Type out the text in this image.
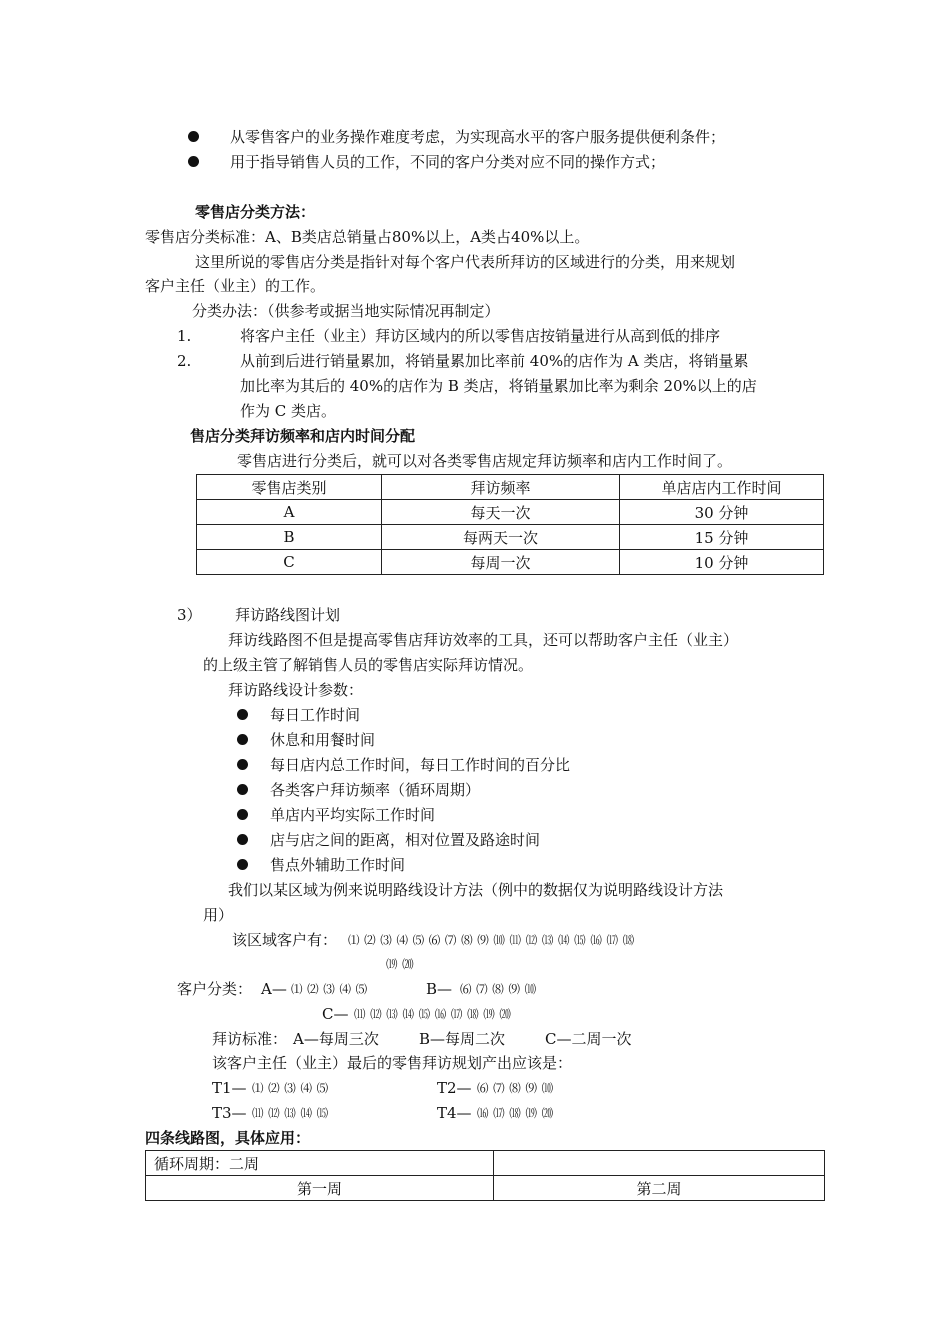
从零售客户的业务操作难度考虑，为实现高水平的客户服务提供便利条件；
用于指导销售人员的工作，不同的客户分类对应不同的操作方式；
零售店分类方法：
零售店分类标准：A、B类店总销量占80%以上，A类占40%以上。
这里所说的零售店分类是指针对每个客户代表所拜访的区域进行的分类，用来规划
客户主任（业主）的工作。
分类办法：（供参考或据当地实际情况再制定）
1.	将客户主任（业主）拜访区域内的所以零售店按销量进行从高到低的排序
2.	从前到后进行销量累加，将销量累加比率前 40%的店作为 A 类店，将销量累
加比率为其后的 40%的店作为 B 类店，将销量累加比率为剩余 20%以上的店
作为 C 类店。
售店分类拜访频率和店内时间分配
零售店进行分类后，就可以对各类零售店规定拜访频率和店内工作时间了。
零售店类别	拜访频率	单店店内工作时间
A	每天一次	30 分钟
B	每两天一次	15 分钟
C	每周一次	10 分钟
3） 拜访路线图计划
拜访线路图不但是提高零售店拜访效率的工具，还可以帮助客户主任（业主）
的上级主管了解销售人员的零售店实际拜访情况。
拜访路线设计参数：
每日工作时间
休息和用餐时间
每日店内总工作时间，每日工作时间的百分比
各类客户拜访频率（循环周期）
单店内平均实际工作时间
店与店之间的距离，相对位置及路途时间
售点外辅助工作时间
我们以某区域为例来说明路线设计方法（例中的数据仅为说明路线设计方法
用）
该区域客户有： ⑴ ⑵ ⑶ ⑷ ⑸ ⑹ ⑺ ⑻ ⑼ ⑽ ⑾ ⑿ ⒀ ⒁ ⒂ ⒃ ⒄ ⒅
⒆ ⒇
客户分类： A— ⑴ ⑵ ⑶ ⑷ ⑸	B— ⑹ ⑺ ⑻ ⑼ ⑽
C— ⑾ ⑿ ⒀ ⒁ ⒂ ⒃ ⒄ ⒅ ⒆ ⒇
拜访标准： A—每周三次	B—每周二次	C—二周一次
该客户主任（业主）最后的零售拜访规划产出应该是：
T1— ⑴ ⑵ ⑶ ⑷ ⑸	T2— ⑹ ⑺ ⑻ ⑼ ⑽
T3— ⑾ ⑿ ⒀ ⒁ ⒂	T4— ⒃ ⒄ ⒅ ⒆ ⒇
四条线路图，具体应用：
循环周期：二周	
第一周	第二周
